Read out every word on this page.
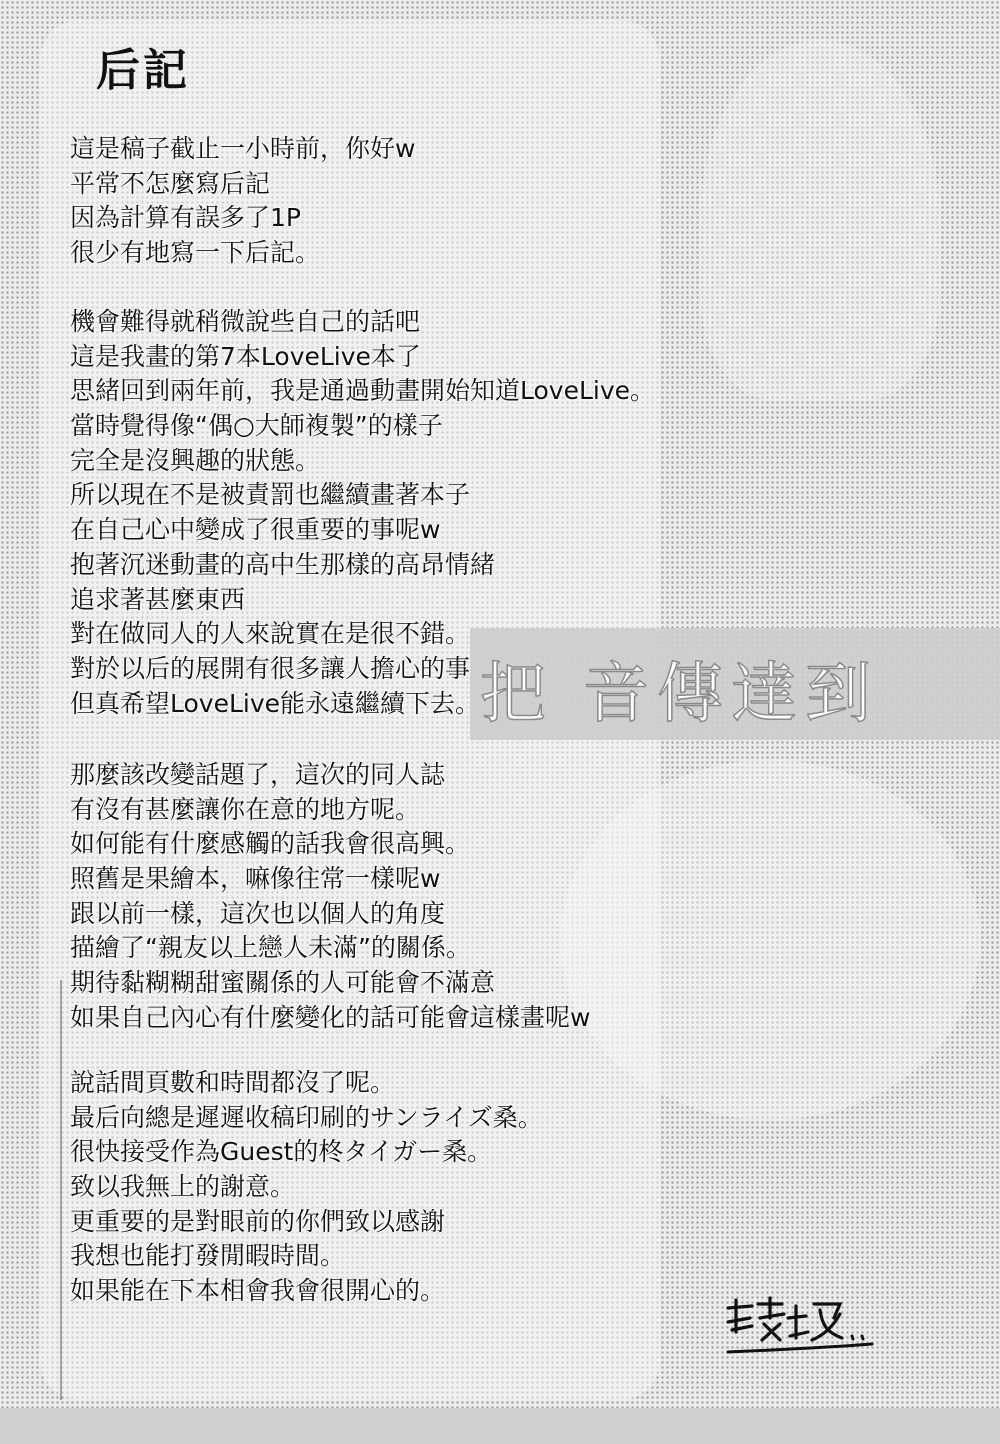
把 音傳達到
后記
這是稿子截止一小時前，你好w
平常不怎麼寫后記
因為計算有誤多了1P
很少有地寫一下后記。
機會難得就稍微說些自己的話吧
這是我畫的第7本LoveLive本了
思緒回到兩年前，我是通過動畫開始知道LoveLive。
當時覺得像“偶○大師複製”的樣子
完全是沒興趣的狀態。
所以現在不是被責罰也繼續畫著本子
在自己心中變成了很重要的事呢w
抱著沉迷動畫的高中生那樣的高昂情緒
追求著甚麼東西
對在做同人的人來說實在是很不錯。
對於以后的展開有很多讓人擔心的事
但真希望LoveLive能永遠繼續下去。
那麼該改變話題了，這次的同人誌
有沒有甚麼讓你在意的地方呢。
如何能有什麼感觸的話我會很高興。
照舊是果繪本，嘛像往常一樣呢w
跟以前一樣，這次也以個人的角度
描繪了“親友以上戀人未滿”的關係。
期待黏糊糊甜蜜關係的人可能會不滿意
如果自己內心有什麼變化的話可能會這樣畫呢w
說話間頁數和時間都沒了呢。
最后向總是遲遲收稿印刷的サンライズ桑。
很快接受作為Guest的柊タイガー桑。
致以我無上的謝意。
更重要的是對眼前的你們致以感謝
我想也能打發閒暇時間。
如果能在下本相會我會很開心的。
